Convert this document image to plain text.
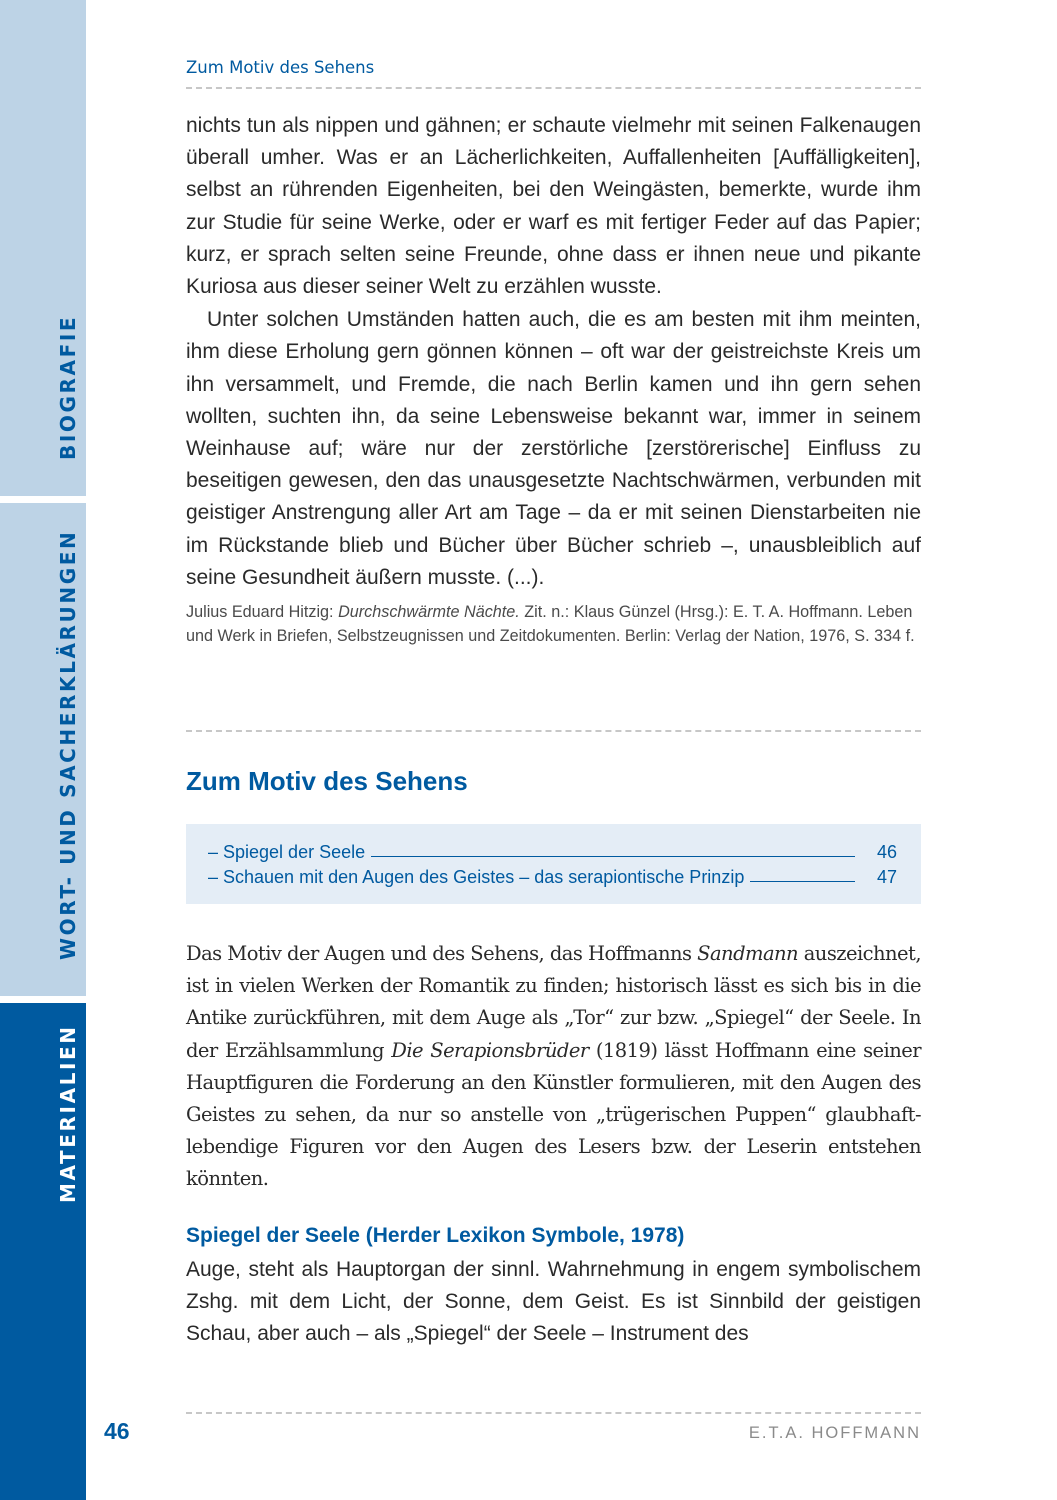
BIOGRAFIE
WORT- UND SACHERKLÄRUNGEN
MATERIALIEN
Zum Motiv des Sehens

nichts tun als nippen und gähnen; er schaute vielmehr mit seinen Falkenaugen überall umher. Was er an Lächerlichkeiten, Auffallenheiten [Auffälligkeiten], selbst an rührenden Eigenheiten, bei den Weingästen, bemerkte, wurde ihm zur Studie für seine Werke, oder er warf es mit fertiger Feder auf das Papier; kurz, er sprach selten seine Freunde, ohne dass er ihnen neue und pikante Kuriosa aus dieser seiner Welt zu erzählen wusste.

Unter solchen Umständen hatten auch, die es am besten mit ihm meinten, ihm diese Erholung gern gönnen können – oft war der geistreichste Kreis um ihn versammelt, und Fremde, die nach Berlin kamen und ihn gern sehen wollten, suchten ihn, da seine Lebensweise bekannt war, immer in seinem Weinhause auf; wäre nur der zerstörliche [zerstörerische] Einfluss zu beseitigen gewesen, den das unausgesetzte Nachtschwärmen, verbunden mit geistiger Anstrengung aller Art am Tage – da er mit seinen Dienstarbeiten nie im Rückstande blieb und Bücher über Bücher schrieb –, unausbleiblich auf seine Gesundheit äußern musste. (...).

Julius Eduard Hitzig: Durchschwärmte Nächte. Zit. n.: Klaus Günzel (Hrsg.): E. T. A. Hoffmann. Leben und Werk in Briefen, Selbstzeugnissen und Zeitdokumenten. Berlin: Verlag der Nation, 1976, S. 334 f.
Zum Motiv des Sehens
– Spiegel der Seele	46
– Schauen mit den Augen des Geistes – das serapiontische Prinzip	47
Das Motiv der Augen und des Sehens, das Hoffmanns Sandmann auszeichnet, ist in vielen Werken der Romantik zu finden; historisch lässt es sich bis in die Antike zurückführen, mit dem Auge als „Tor“ zur bzw. „Spiegel“ der Seele. In der Erzählsammlung Die Serapionsbrüder (1819) lässt Hoffmann eine seiner Hauptfiguren die Forderung an den Künstler formulieren, mit den Augen des Geistes zu sehen, da nur so anstelle von „trügerischen Puppen“ glaubhaft-lebendige Figuren vor den Augen des Lesers bzw. der Leserin entstehen könnten.
Spiegel der Seele (Herder Lexikon Symbole, 1978)

Auge, steht als Hauptorgan der sinnl. Wahrnehmung in engem symbolischem Zshg. mit dem Licht, der Sonne, dem Geist. Es ist Sinnbild der geistigen Schau, aber auch – als „Spiegel“ der Seele – Instrument des

46	E.T.A. HOFFMANN
